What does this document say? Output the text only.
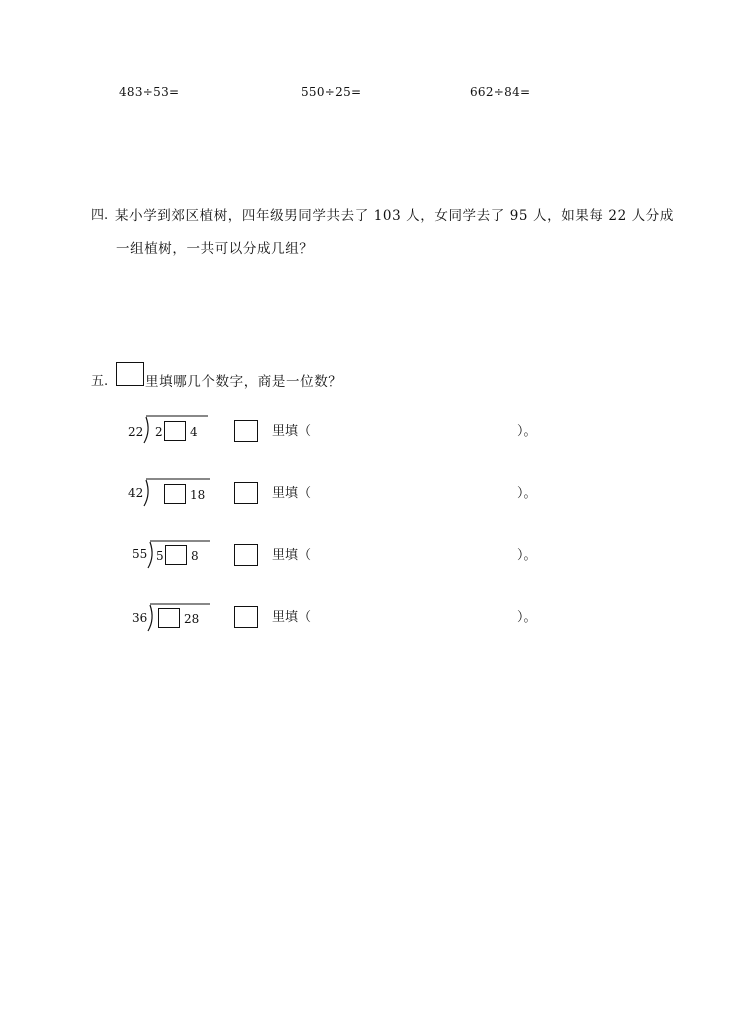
483÷53=	550÷25=	662÷84=
四. 某小学到郊区植树，四年级男同学共去了 103 人，女同学去了 95 人，如果每 22 人分成
一组植树，一共可以分成几组？
五.	里填哪几个数字，商是一位数？
22 2 4	里填（	）。
42	18	里填（	）。
55 5 8	里填（	）。
36	28	里填（	）。
